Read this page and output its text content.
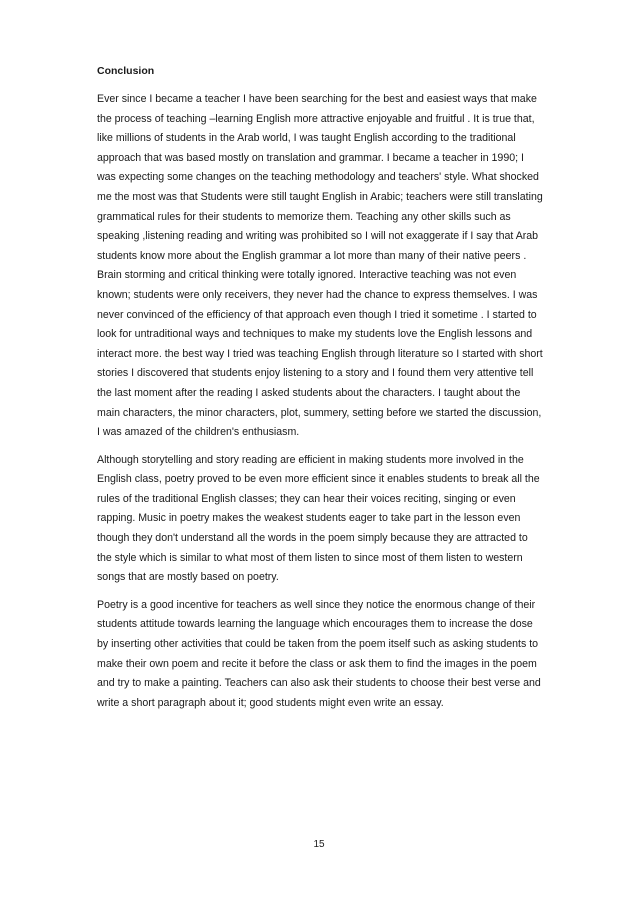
Conclusion

Ever since I became a teacher I have been searching for the best and easiest ways that make the process of teaching –learning English more attractive enjoyable and fruitful . It is true that, like millions of students in the Arab world, I was taught English according to the traditional approach that was based mostly on translation and grammar. I became a teacher in 1990; I was expecting some changes on the teaching methodology and teachers' style. What shocked me the most was that Students were still taught English in Arabic; teachers were still translating grammatical rules for their students to memorize them. Teaching any other skills such as speaking ,listening reading and writing was prohibited so I will not exaggerate if I say that Arab students know more about the English grammar a lot more than many of their native peers . Brain storming and critical thinking were totally ignored. Interactive teaching was not even known; students were only receivers, they never had the chance to express themselves. I was never convinced of the efficiency of that approach even though I tried it sometime . I started to look for untraditional ways and techniques to make my students love the English lessons and interact more. the best way I tried was teaching English through literature so I started with short stories I discovered that students enjoy listening to a story and I found them very attentive tell the last moment after the reading I asked students about the characters. I taught about the main characters, the minor characters, plot, summery, setting before we started the discussion, I was amazed of the children's enthusiasm.

Although storytelling and story reading are efficient in making students more involved in the English class, poetry proved to be even more efficient since it enables students to break all the rules of the traditional English classes; they can hear their voices reciting, singing or even rapping. Music in poetry makes the weakest students eager to take part in the lesson even though they don't understand all the words in the poem simply because they are attracted to the style which is similar to what most of them listen to since most of them listen to western songs that are mostly based on poetry.

Poetry is a good incentive for teachers as well since they notice the enormous change of their students attitude towards learning the language which encourages them to increase the dose by inserting other activities that could be taken from the poem itself such as asking students to make their own poem and recite it before the class or ask them to find the images in the poem and try to make a painting. Teachers can also ask their students to choose their best verse and write a short paragraph about it; good students might even write an essay.

15
